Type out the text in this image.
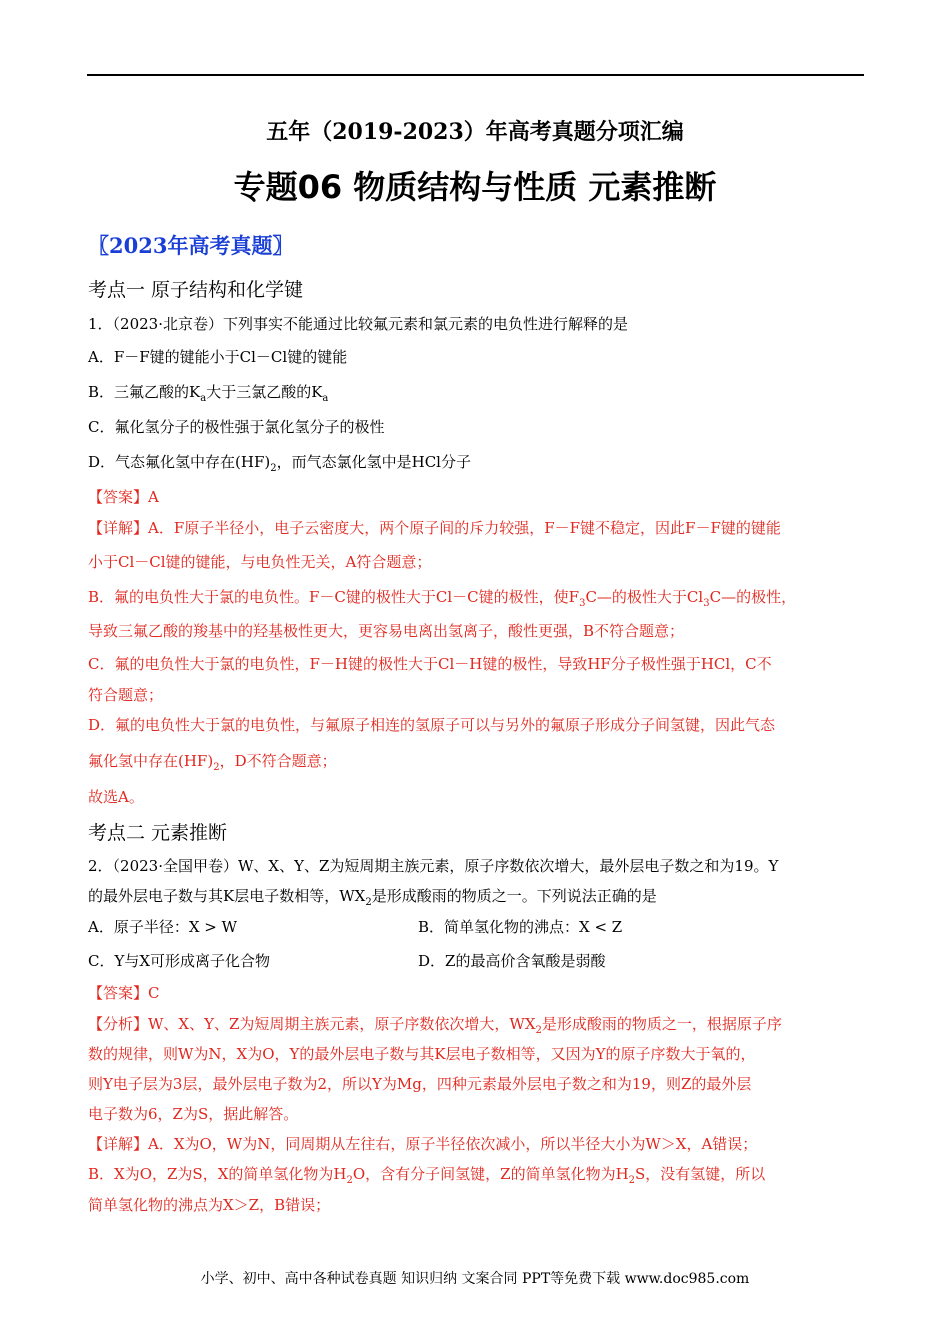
五年（2019-2023）年高考真题分项汇编
专题06 物质结构与性质 元素推断
〖2023年高考真题〗
考点一 原子结构和化学键
1．（2023·北京卷）下列事实不能通过比较氟元素和氯元素的电负性进行解释的是
A．F－F键的键能小于Cl－Cl键的键能
B．三氟乙酸的$K_a$大于三氯乙酸的$K_a$
C．氟化氢分子的极性强于氯化氢分子的极性
D．气态氟化氢中存在$(HF)_2$，而气态氯化氢中是HCl分子
【答案】A
【详解】A．F原子半径小，电子云密度大，两个原子间的斥力较强，F－F键不稳定，因此F－F键的键能
小于Cl－Cl键的键能，与电负性无关，A符合题意；
B．氟的电负性大于氯的电负性。F－C键的极性大于Cl－C键的极性，使$F_3C—$的极性大于$Cl_3C—$的极性，
导致三氟乙酸的羧基中的羟基极性更大，更容易电离出氢离子，酸性更强，B不符合题意；
C．氟的电负性大于氯的电负性，F－H键的极性大于Cl－H键的极性，导致HF分子极性强于HCl，C不
符合题意；
D．氟的电负性大于氯的电负性，与氟原子相连的氢原子可以与另外的氟原子形成分子间氢键，因此气态
氟化氢中存在$(HF)_2$，D不符合题意；
故选A。
考点二 元素推断
2．（2023·全国甲卷）W、X、Y、Z为短周期主族元素，原子序数依次增大，最外层电子数之和为19。Y
的最外层电子数与其K层电子数相等，$WX_2$是形成酸雨的物质之一。下列说法正确的是
A．原子半径：X > W	B．简单氢化物的沸点：X < Z
C．Y与X可形成离子化合物	D．Z的最高价含氧酸是弱酸
【答案】C
【分析】W、X、Y、Z为短周期主族元素，原子序数依次增大，$WX_2$是形成酸雨的物质之一，根据原子序
数的规律，则W为N，X为O，Y的最外层电子数与其K层电子数相等，又因为Y的原子序数大于氧的，
则Y电子层为3层，最外层电子数为2，所以Y为Mg，四种元素最外层电子数之和为19，则Z的最外层
电子数为6，Z为S，据此解答。
【详解】A．X为O，W为N，同周期从左往右，原子半径依次减小，所以半径大小为W＞X，A错误；
B．X为O，Z为S，X的简单氢化物为$H_2O$，含有分子间氢键，Z的简单氢化物为$H_2S$，没有氢键，所以
简单氢化物的沸点为X＞Z，B错误；
小学、初中、高中各种试卷真题 知识归纳 文案合同 PPT等免费下载 www.doc985.com
